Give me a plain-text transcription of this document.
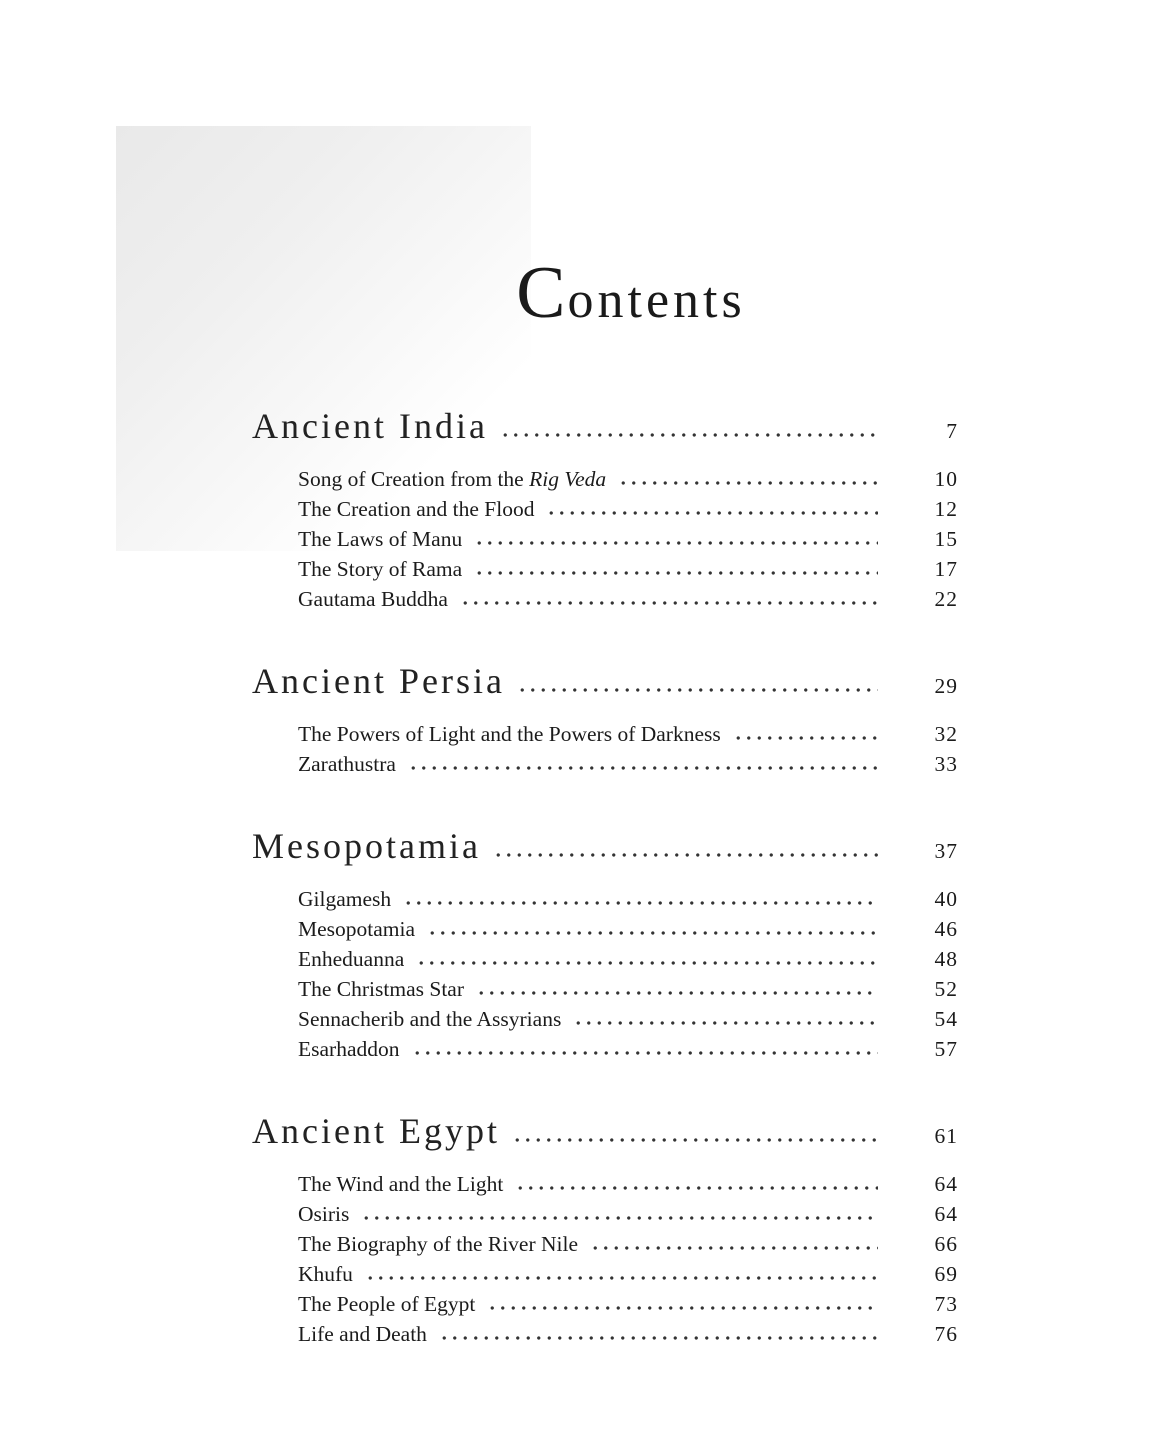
Contents
Ancient India	7
Song of Creation from the Rig Veda	10
The Creation and the Flood	12
The Laws of Manu	15
The Story of Rama	17
Gautama Buddha	22
Ancient Persia	29
The Powers of Light and the Powers of Darkness	32
Zarathustra	33
Mesopotamia	37
Gilgamesh	40
Mesopotamia	46
Enheduanna	48
The Christmas Star	52
Sennacherib and the Assyrians	54
Esarhaddon	57
Ancient Egypt	61
The Wind and the Light	64
Osiris	64
The Biography of the River Nile	66
Khufu	69
The People of Egypt	73
Life and Death	76
